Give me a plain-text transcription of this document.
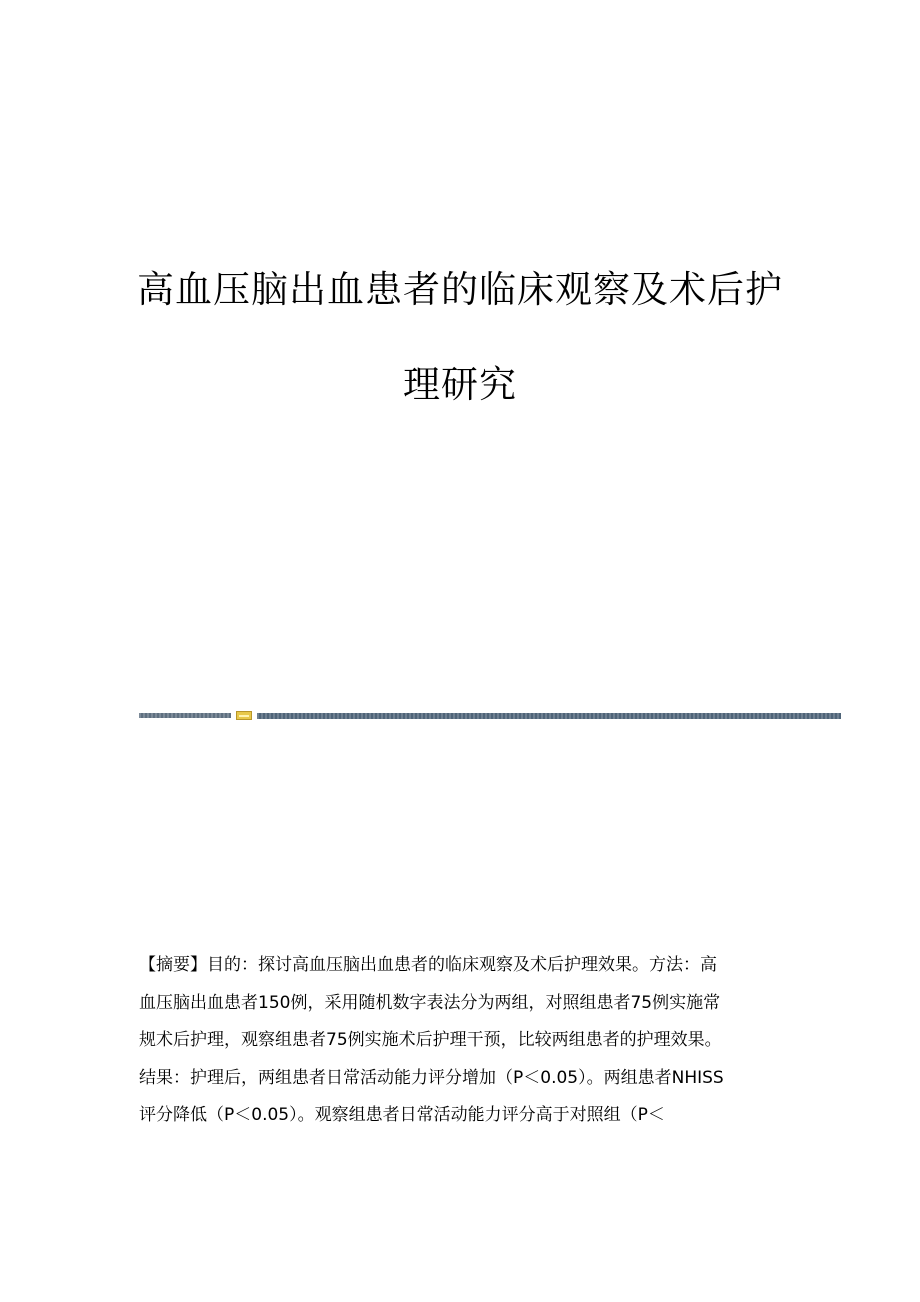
高血压脑出血患者的临床观察及术后护
理研究

【摘要】目的：探讨高血压脑出血患者的临床观察及术后护理效果。方法：高
血压脑出血患者150例，采用随机数字表法分为两组，对照组患者75例实施常
规术后护理，观察组患者75例实施术后护理干预，比较两组患者的护理效果。
结果：护理后，两组患者日常活动能力评分增加（P＜0.05）。两组患者NHISS
评分降低（P＜0.05）。观察组患者日常活动能力评分高于对照组（P＜
